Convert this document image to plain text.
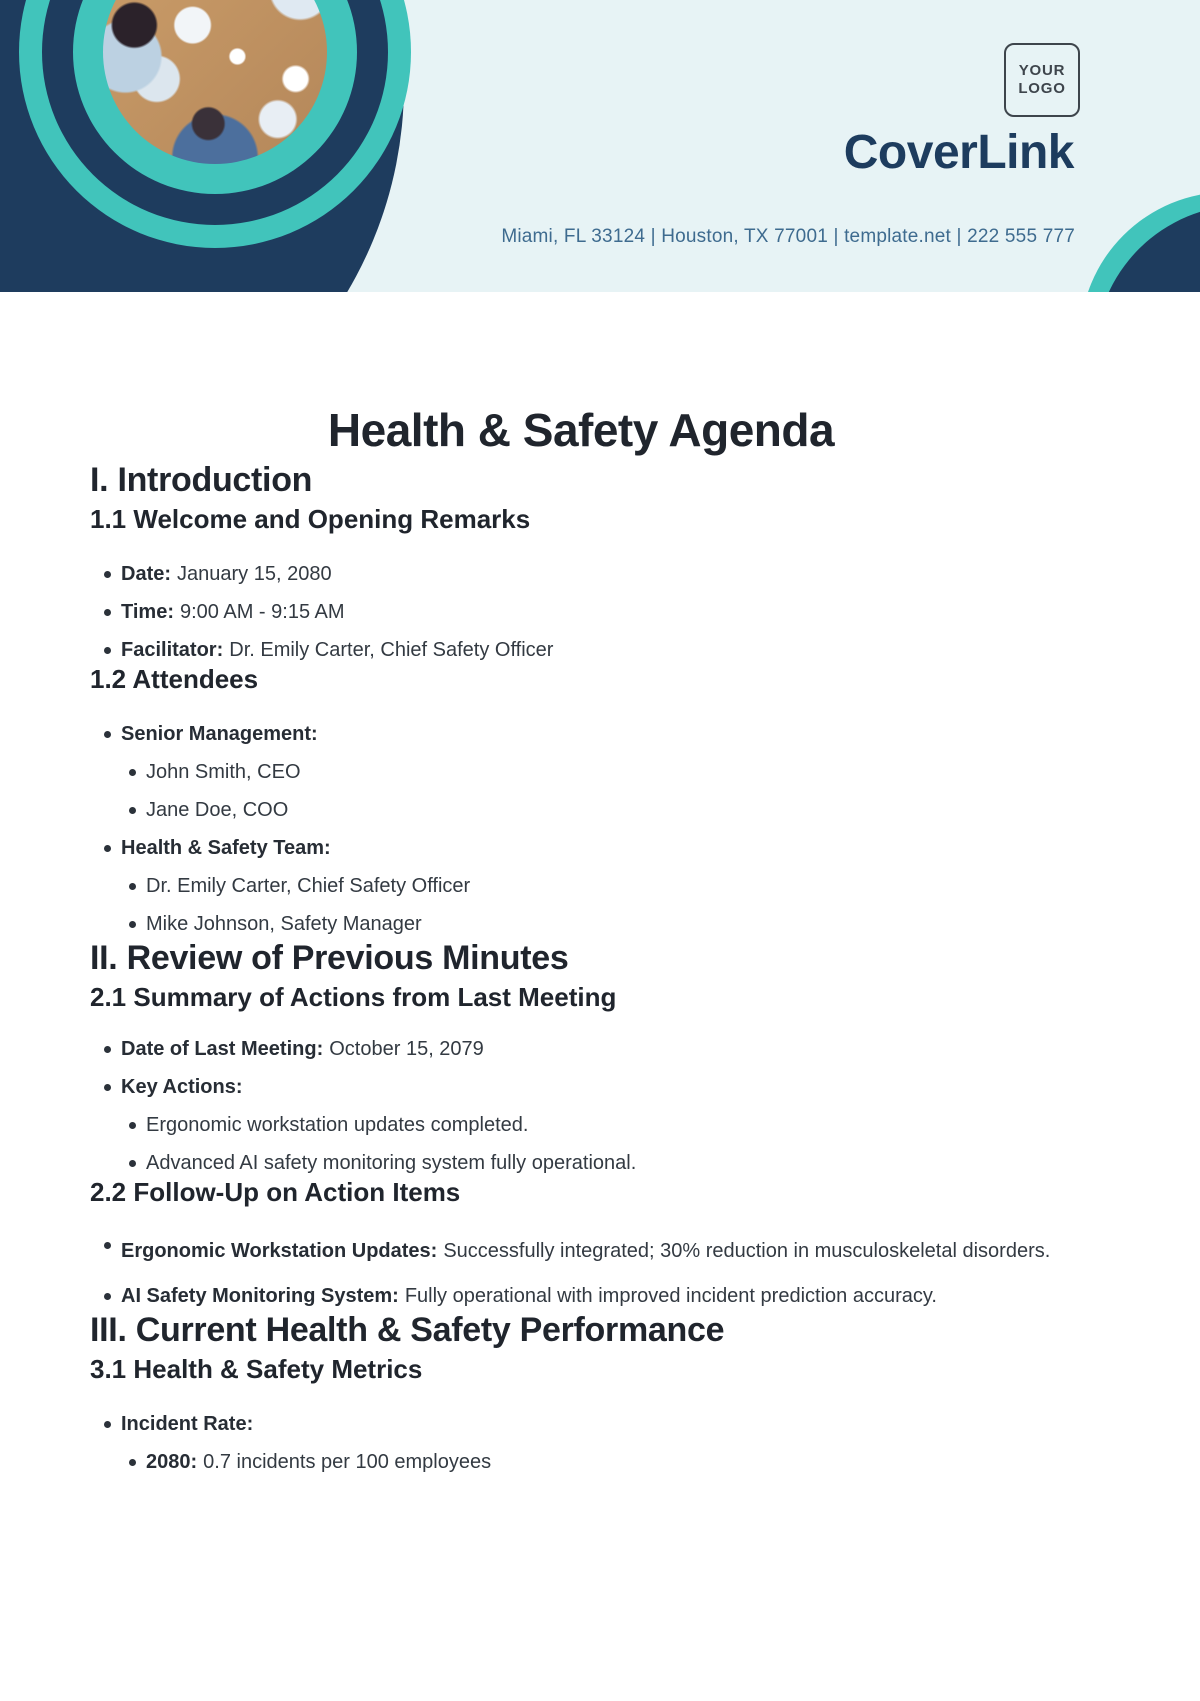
YOUR
LOGO
CoverLink
Miami, FL 33124 | Houston, TX 77001 | template.net | 222 555 777
Health & Safety Agenda
I. Introduction
1.1 Welcome and Opening Remarks
Date: January 15, 2080
Time: 9:00 AM - 9:15 AM
Facilitator: Dr. Emily Carter, Chief Safety Officer
1.2 Attendees
Senior Management:
John Smith, CEO
Jane Doe, COO
Health & Safety Team:
Dr. Emily Carter, Chief Safety Officer
Mike Johnson, Safety Manager
II. Review of Previous Minutes
2.1 Summary of Actions from Last Meeting
Date of Last Meeting: October 15, 2079
Key Actions:
Ergonomic workstation updates completed.
Advanced AI safety monitoring system fully operational.
2.2 Follow-Up on Action Items
Ergonomic Workstation Updates: Successfully integrated; 30% reduction in musculoskeletal disorders.
AI Safety Monitoring System: Fully operational with improved incident prediction accuracy.
III. Current Health & Safety Performance
3.1 Health & Safety Metrics
Incident Rate:
2080: 0.7 incidents per 100 employees
